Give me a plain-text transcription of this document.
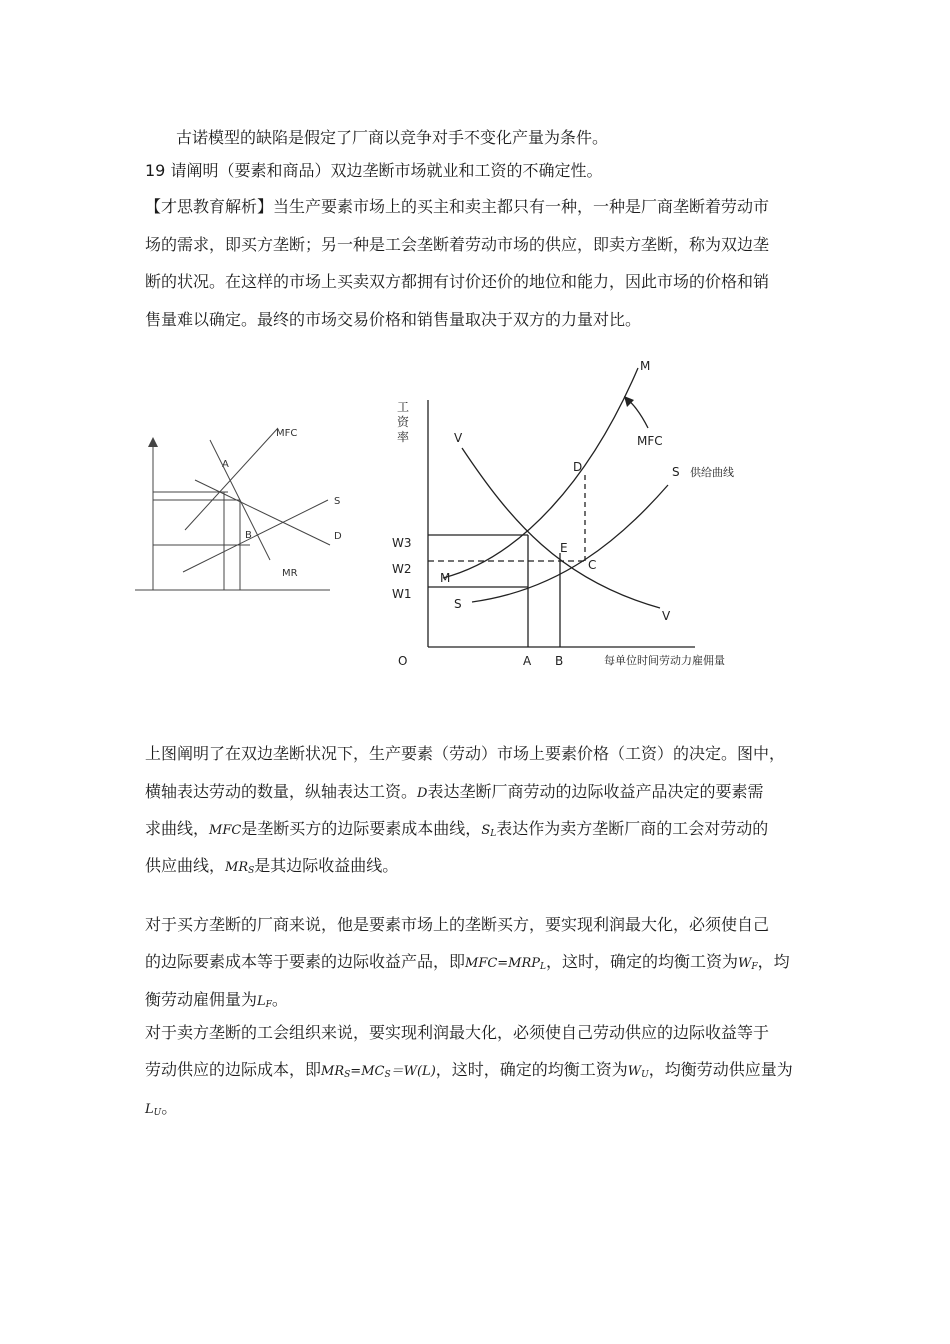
古诺模型的缺陷是假定了厂商以竞争对手不变化产量为条件。
19 请阐明（要素和商品）双边垄断市场就业和工资的不确定性。
【才思教育解析】当生产要素市场上的买主和卖主都只有一种，一种是厂商垄断着劳动市
场的需求，即买方垄断；另一种是工会垄断着劳动市场的供应，即卖方垄断，称为双边垄
断的状况。在这样的市场上买卖双方都拥有讨价还价的地位和能力，因此市场的价格和销
售量难以确定。最终的市场交易价格和销售量取决于双方的力量对比。
MFC
A
B
S
D
MR
工
资
率
M
MFC
V
D	S 供给曲线
W3
W2
W1
E
C
M
S
V
O	A B	每单位时间劳动力雇佣量
上图阐明了在双边垄断状况下，生产要素（劳动）市场上要素价格（工资）的决定。图中，
横轴表达劳动的数量，纵轴表达工资。D表达垄断厂商劳动的边际收益产品决定的要素需
求曲线，MFC是垄断买方的边际要素成本曲线，$S_L$表达作为卖方垄断厂商的工会对劳动的
供应曲线，$MR_S$是其边际收益曲线。
对于买方垄断的厂商来说，他是要素市场上的垄断买方，要实现利润最大化，必须使自己
的边际要素成本等于要素的边际收益产品，即$MFC=MRP_L$，这时，确定的均衡工资为$W_F$，均
衡劳动雇佣量为$L_F$。
对于卖方垄断的工会组织来说，要实现利润最大化，必须使自己劳动供应的边际收益等于
劳动供应的边际成本，即$MR_S=MC_S=W(L)$，这时，确定的均衡工资为$W_U$，均衡劳动供应量为
$L_U$。
